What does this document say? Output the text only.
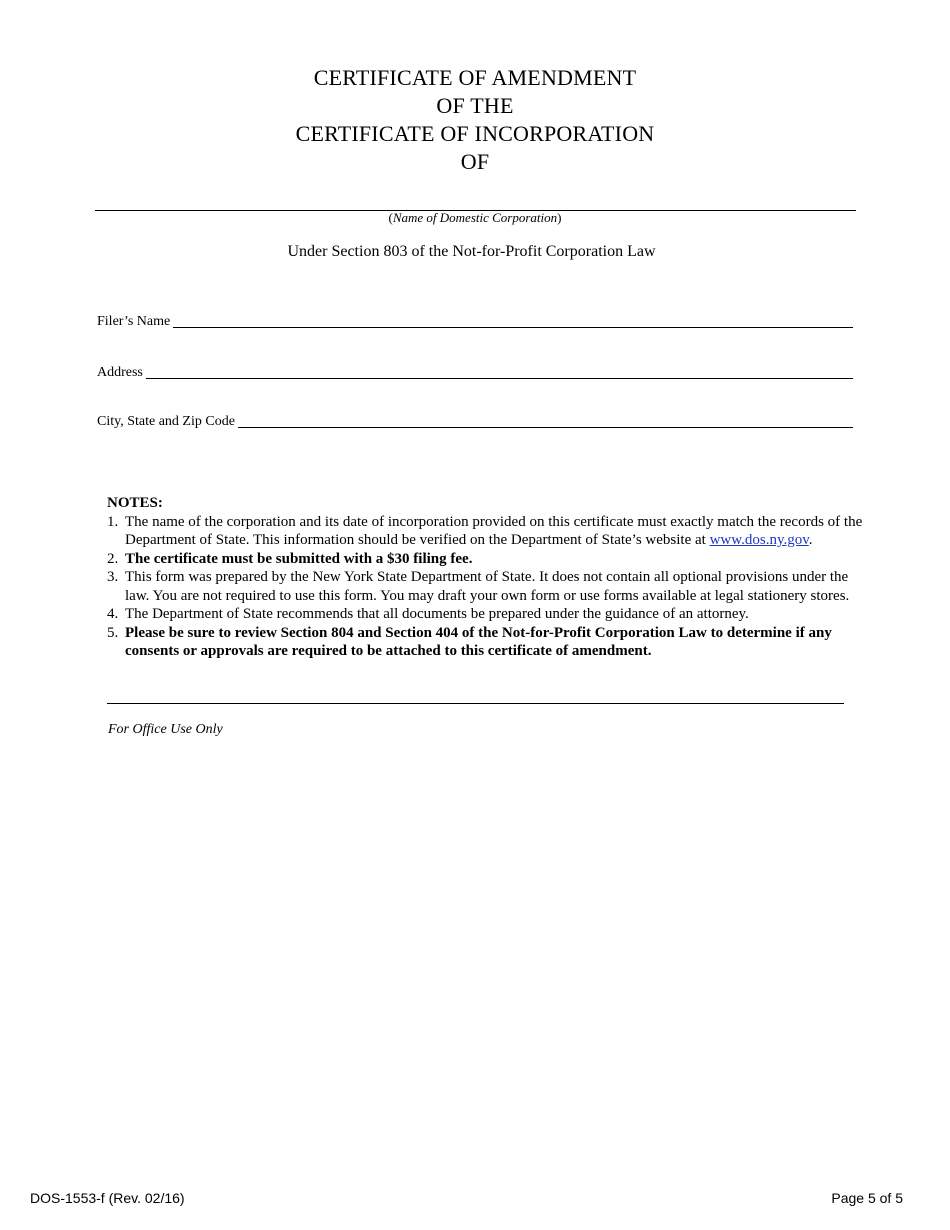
CERTIFICATE OF AMENDMENT
OF THE
CERTIFICATE OF INCORPORATION
OF
(Name of Domestic Corporation)
Under Section 803 of the Not-for-Profit Corporation Law
Filer’s Name
Address
City, State and Zip Code

NOTES:

1. The name of the corporation and its date of incorporation provided on this certificate must exactly match the records of the Department of State. This information should be verified on the Department of State’s website at www.dos.ny.gov.
2. The certificate must be submitted with a $30 filing fee.
3. This form was prepared by the New York State Department of State. It does not contain all optional provisions under the law. You are not required to use this form. You may draft your own form or use forms available at legal stationery stores.
4. The Department of State recommends that all documents be prepared under the guidance of an attorney.
5. Please be sure to review Section 804 and Section 404 of the Not-for-Profit Corporation Law to determine if any consents or approvals are required to be attached to this certificate of amendment.
For Office Use Only
DOS-1553-f (Rev. 02/16)	Page 5 of 5
